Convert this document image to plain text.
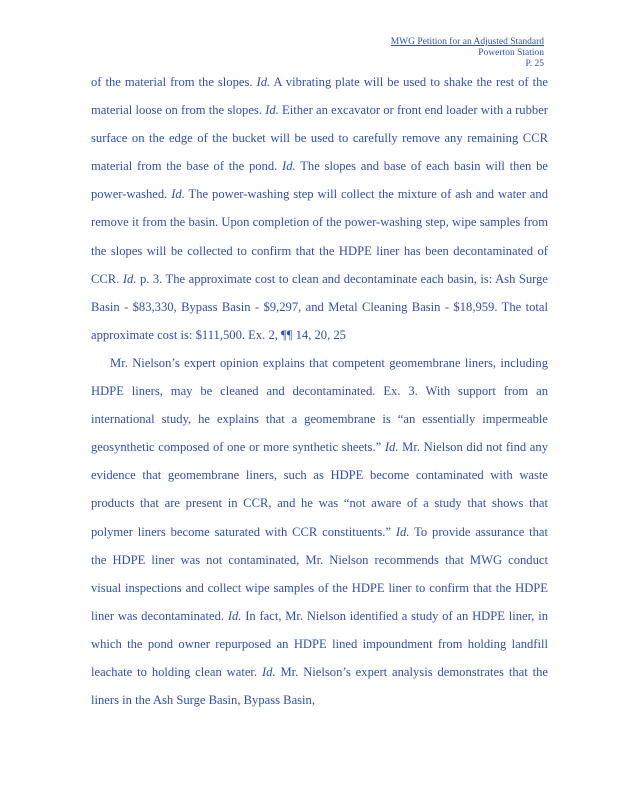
MWG Petition for an Adjusted Standard
Powerton Station
P. 25

of the material from the slopes. Id. A vibrating plate will be used to shake the rest of the material loose on from the slopes. Id. Either an excavator or front end loader with a rubber surface on the edge of the bucket will be used to carefully remove any remaining CCR material from the base of the pond. Id. The slopes and base of each basin will then be power-washed. Id. The power-washing step will collect the mixture of ash and water and remove it from the basin. Upon completion of the power-washing step, wipe samples from the slopes will be collected to confirm that the HDPE liner has been decontaminated of CCR. Id. p. 3. The approximate cost to clean and decontaminate each basin, is: Ash Surge Basin - $83,330, Bypass Basin - $9,297, and Metal Cleaning Basin - $18,959. The total approximate cost is: $111,500. Ex. 2, ¶¶ 14, 20, 25

Mr. Nielson’s expert opinion explains that competent geomembrane liners, including HDPE liners, may be cleaned and decontaminated. Ex. 3. With support from an international study, he explains that a geomembrane is “an essentially impermeable geosynthetic composed of one or more synthetic sheets.” Id. Mr. Nielson did not find any evidence that geomembrane liners, such as HDPE become contaminated with waste products that are present in CCR, and he was “not aware of a study that shows that polymer liners become saturated with CCR constituents.” Id. To provide assurance that the HDPE liner was not contaminated, Mr. Nielson recommends that MWG conduct visual inspections and collect wipe samples of the HDPE liner to confirm that the HDPE liner was decontaminated. Id. In fact, Mr. Nielson identified a study of an HDPE liner, in which the pond owner repurposed an HDPE lined impoundment from holding landfill leachate to holding clean water. Id. Mr. Nielson’s expert analysis demonstrates that the liners in the Ash Surge Basin, Bypass Basin,
